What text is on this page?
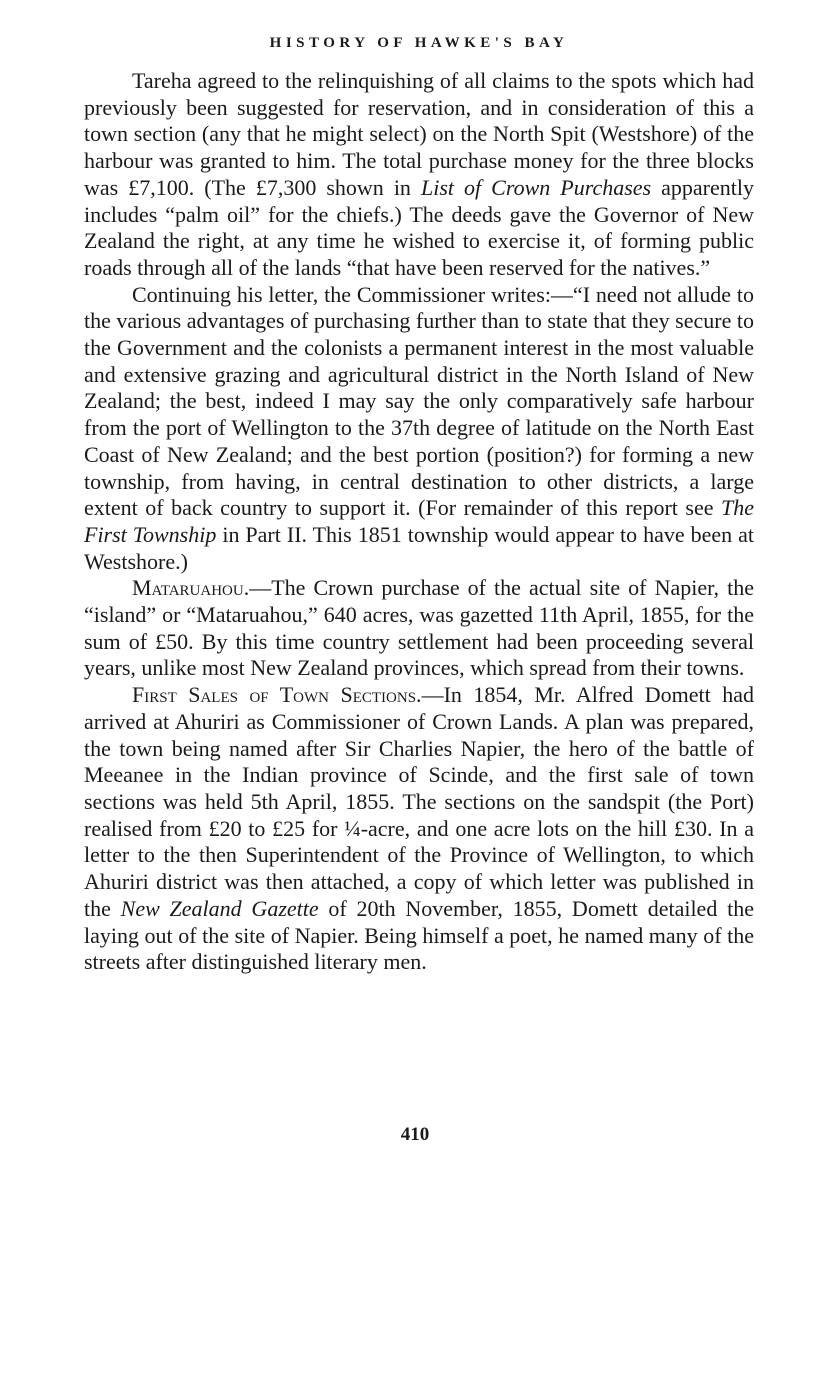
HISTORY OF HAWKE'S BAY

Tareha agreed to the relinquishing of all claims to the spots which had previously been suggested for reservation, and in consideration of this a town section (any that he might select) on the North Spit (Westshore) of the harbour was granted to him. The total purchase money for the three blocks was £7,100. (The £7,300 shown in List of Crown Purchases apparently includes “palm oil” for the chiefs.) The deeds gave the Governor of New Zealand the right, at any time he wished to exercise it, of forming public roads through all of the lands “that have been reserved for the natives.”

Continuing his letter, the Commissioner writes:—“I need not allude to the various advantages of purchasing further than to state that they secure to the Government and the colonists a permanent interest in the most valuable and extensive grazing and agricultural district in the North Island of New Zealand; the best, indeed I may say the only comparatively safe harbour from the port of Wellington to the 37th degree of latitude on the North East Coast of New Zealand; and the best portion (position?) for forming a new township, from having, in central destination to other districts, a large extent of back country to support it. (For remainder of this report see The First Township in Part II. This 1851 township would appear to have been at Westshore.)

Mataruahou.—The Crown purchase of the actual site of Napier, the “island” or “Mataruahou,” 640 acres, was gazetted 11th April, 1855, for the sum of £50. By this time country settlement had been proceeding several years, unlike most New Zealand provinces, which spread from their towns.

First Sales of Town Sections.—In 1854, Mr. Alfred Domett had arrived at Ahuriri as Commissioner of Crown Lands. A plan was prepared, the town being named after Sir Charlies Napier, the hero of the battle of Meeanee in the Indian province of Scinde, and the first sale of town sections was held 5th April, 1855. The sections on the sandspit (the Port) realised from £20 to £25 for ¼-acre, and one acre lots on the hill £30. In a letter to the then Superintendent of the Province of Wellington, to which Ahuriri district was then attached, a copy of which letter was published in the New Zealand Gazette of 20th November, 1855, Domett detailed the laying out of the site of Napier. Being himself a poet, he named many of the streets after distinguished literary men.

410
